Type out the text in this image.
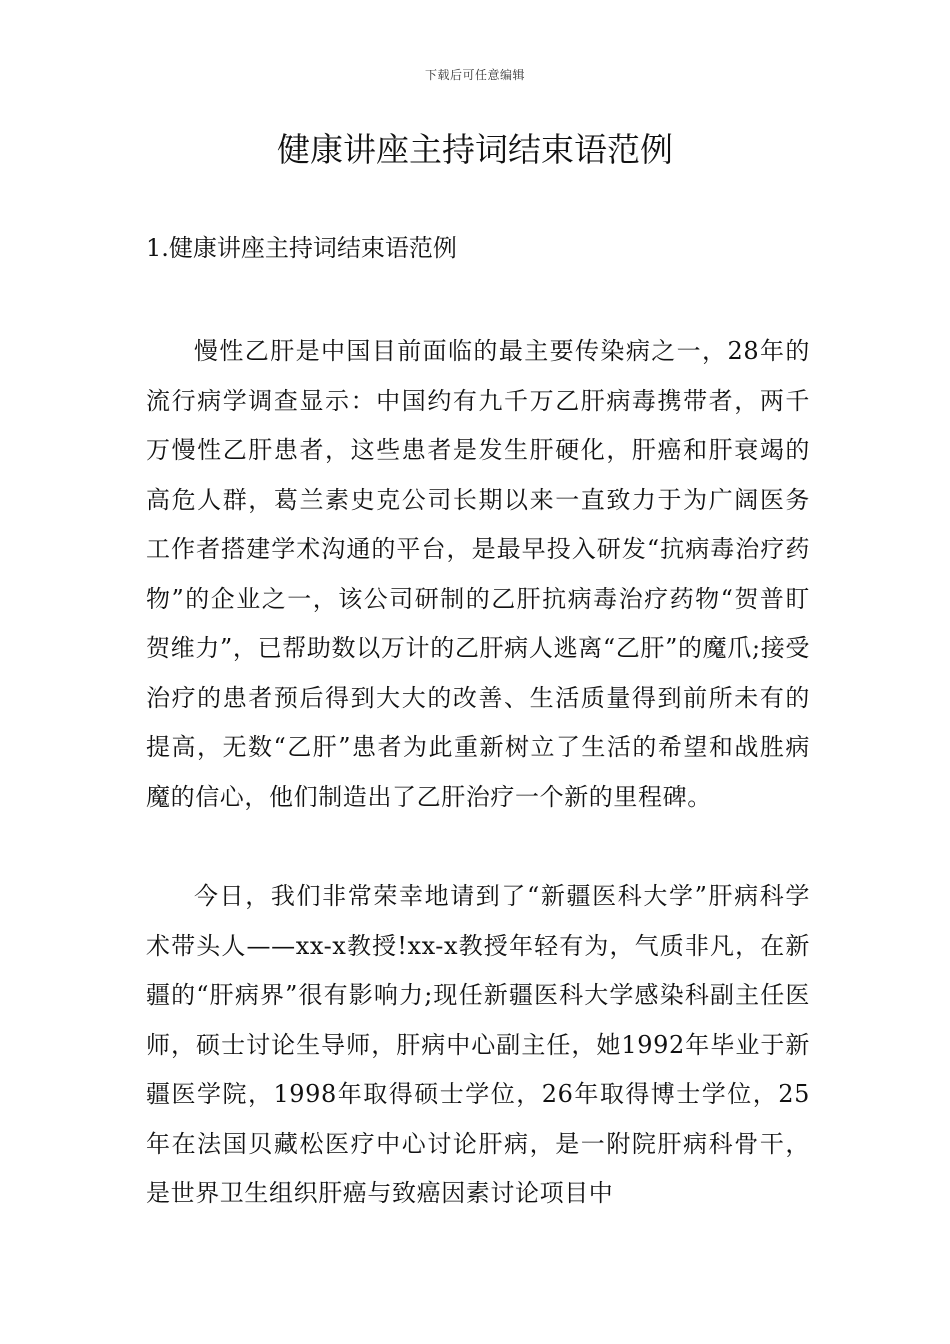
下载后可任意编辑
健康讲座主持词结束语范例
1.健康讲座主持词结束语范例

慢性乙肝是中国目前面临的最主要传染病之一，28年的流行病学调查显示：中国约有九千万乙肝病毒携带者，两千万慢性乙肝患者，这些患者是发生肝硬化，肝癌和肝衰竭的高危人群，葛兰素史克公司长期以来一直致力于为广阔医务工作者搭建学术沟通的平台，是最早投入研发“抗病毒治疗药物”的企业之一，该公司研制的乙肝抗病毒治疗药物“贺普盯贺维力”，已帮助数以万计的乙肝病人逃离“乙肝”的魔爪;接受治疗的患者预后得到大大的改善、生活质量得到前所未有的提高，无数“乙肝”患者为此重新树立了生活的希望和战胜病魔的信心，他们制造出了乙肝治疗一个新的里程碑。

今日，我们非常荣幸地请到了“新疆医科大学”肝病科学术带头人——xx-x教授!xx-x教授年轻有为，气质非凡，在新疆的“肝病界”很有影响力;现任新疆医科大学感染科副主任医师，硕士讨论生导师，肝病中心副主任，她1992年毕业于新疆医学院，1998年取得硕士学位，26年取得博士学位，25年在法国贝藏松医疗中心讨论肝病，是一附院肝病科骨干，是世界卫生组织肝癌与致癌因素讨论项目中
